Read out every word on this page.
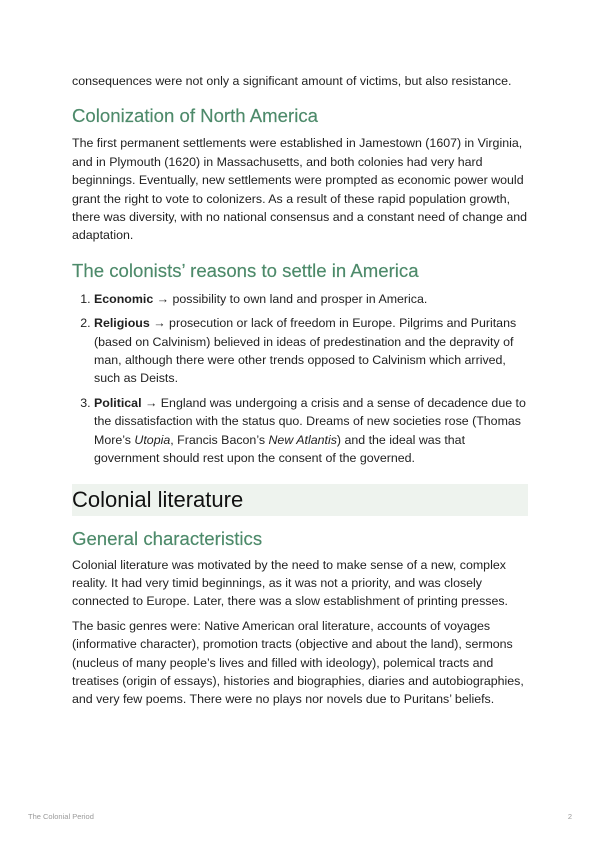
consequences were not only a significant amount of victims, but also resistance.

Colonization of North America

The first permanent settlements were established in Jamestown (1607) in Virginia, and in Plymouth (1620) in Massachusetts, and both colonies had very hard beginnings. Eventually, new settlements were prompted as economic power would grant the right to vote to colonizers. As a result of these rapid population growth, there was diversity, with no national consensus and a constant need of change and adaptation.

The colonists’ reasons to settle in America
1. Economic → possibility to own land and prosper in America.
2. Religious → prosecution or lack of freedom in Europe. Pilgrims and Puritans (based on Calvinism) believed in ideas of predestination and the depravity of man, although there were other trends opposed to Calvinism which arrived, such as Deists.
3. Political → England was undergoing a crisis and a sense of decadence due to the dissatisfaction with the status quo. Dreams of new societies rose (Thomas More’s Utopia, Francis Bacon’s New Atlantis) and the ideal was that government should rest upon the consent of the governed.
Colonial literature
General characteristics

Colonial literature was motivated by the need to make sense of a new, complex reality. It had very timid beginnings, as it was not a priority, and was closely connected to Europe. Later, there was a slow establishment of printing presses.

The basic genres were: Native American oral literature, accounts of voyages (informative character), promotion tracts (objective and about the land), sermons (nucleus of many people’s lives and filled with ideology), polemical tracts and treatises (origin of essays), histories and biographies, diaries and autobiographies, and very few poems. There were no plays nor novels due to Puritans’ beliefs.

The Colonial Period	2
